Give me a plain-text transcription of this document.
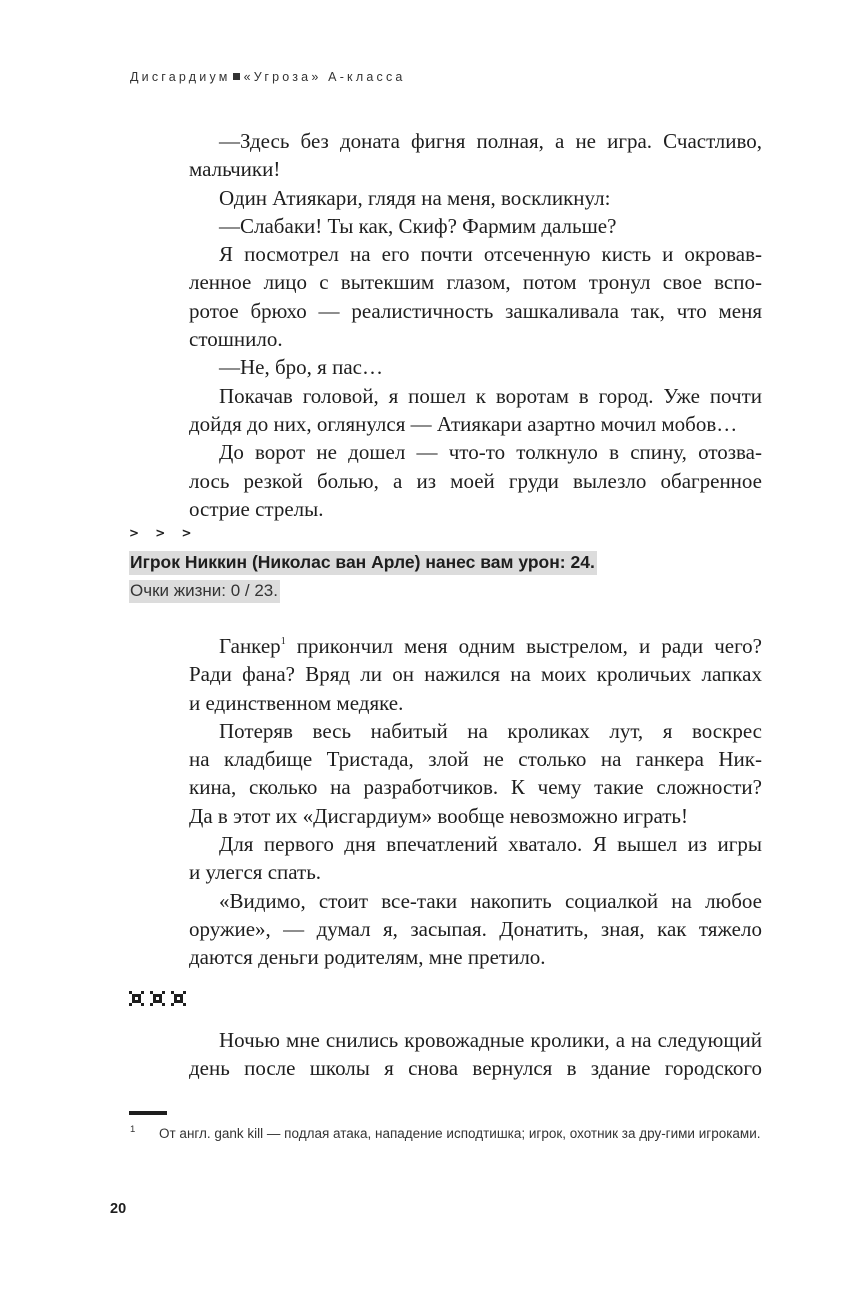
Дисгардиум «Угроза» А-класса
—Здесь без доната фигня полная, а не игра. Счастливо,
мальчики!
Один Атиякари, глядя на меня, воскликнул:
—Слабаки! Ты как, Скиф? Фармим дальше?
Я посмотрел на его почти отсеченную кисть и окровав-
ленное лицо с вытекшим глазом, потом тронул свое вспо-
ротое брюхо — реалистичность зашкаливала так, что меня
стошнило.
—Не, бро, я пас…
Покачав головой, я пошел к воротам в город. Уже почти
дойдя до них, оглянулся — Атиякари азартно мочил мобов…
До ворот не дошел — что-то толкнуло в спину, отозва-
лось резкой болью, а из моей груди вылезло обагренное
острие стрелы.
> > >
Игрок Никкин (Николас ван Арле) нанес вам урон: 24.
Очки жизни: 0 / 23.
Ганкер$^1$ прикончил меня одним выстрелом, и ради чего?
Ради фана? Вряд ли он нажился на моих кроличьих лапках
и единственном медяке.
Потеряв весь набитый на кроликах лут, я воскрес
на кладбище Тристада, злой не столько на ганкера Ник-
кина, сколько на разработчиков. К чему такие сложности?
Да в этот их «Дисгардиум» вообще невозможно играть!
Для первого дня впечатлений хватало. Я вышел из игры
и улегся спать.
«Видимо, стоит все-таки накопить социалкой на любое
оружие», — думал я, засыпая. Донатить, зная, как тяжело
даются деньги родителям, мне претило.
Ночью мне снились кровожадные кролики, а на следующий
день после школы я снова вернулся в здание городского
1 От англ. gank kill — подлая атака, нападение исподтишка; игрок, охотник за дру-гими игроками.
20
